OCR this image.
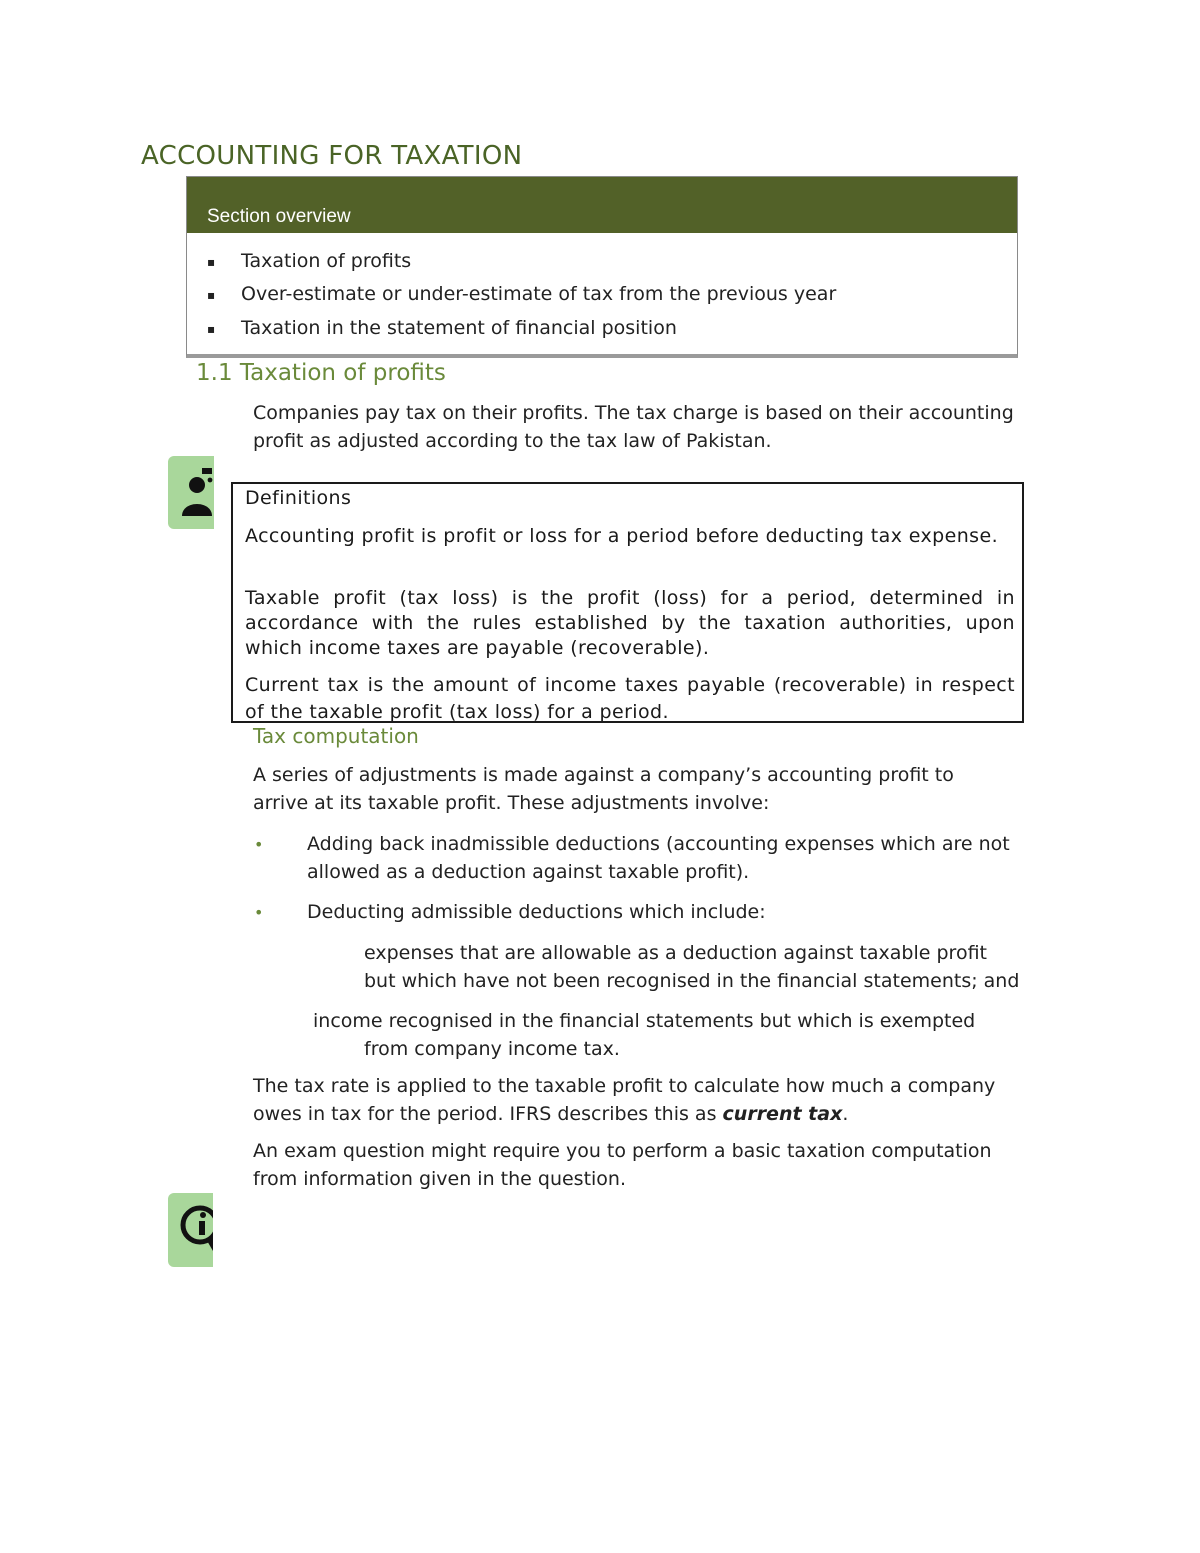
ACCOUNTING FOR TAXATION
Section overview
▪ Taxation of profits
▪ Over-estimate or under-estimate of tax from the previous year
▪ Taxation in the statement of financial position
1.1 Taxation of profits
Companies pay tax on their profits. The tax charge is based on their accounting
profit as adjusted according to the tax law of Pakistan.
Definitions
Accounting profit is profit or loss for a period before deducting tax expense.
Taxable profit (tax loss) is the profit (loss) for a period, determined in accordance with the rules established by the taxation authorities, upon which income taxes are payable (recoverable).
Current tax is the amount of income taxes payable (recoverable) in respect of the taxable profit (tax loss) for a period.
Tax computation
A series of adjustments is made against a company’s accounting profit to
arrive at its taxable profit. These adjustments involve:
• Adding back inadmissible deductions (accounting expenses which are not
allowed as a deduction against taxable profit).
• Deducting admissible deductions which include:
expenses that are allowable as a deduction against taxable profit
but which have not been recognised in the financial statements; and
income recognised in the financial statements but which is exempted
from company income tax.
The tax rate is applied to the taxable profit to calculate how much a company
owes in tax for the period. IFRS describes this as current tax.
An exam question might require you to perform a basic taxation computation
from information given in the question.
